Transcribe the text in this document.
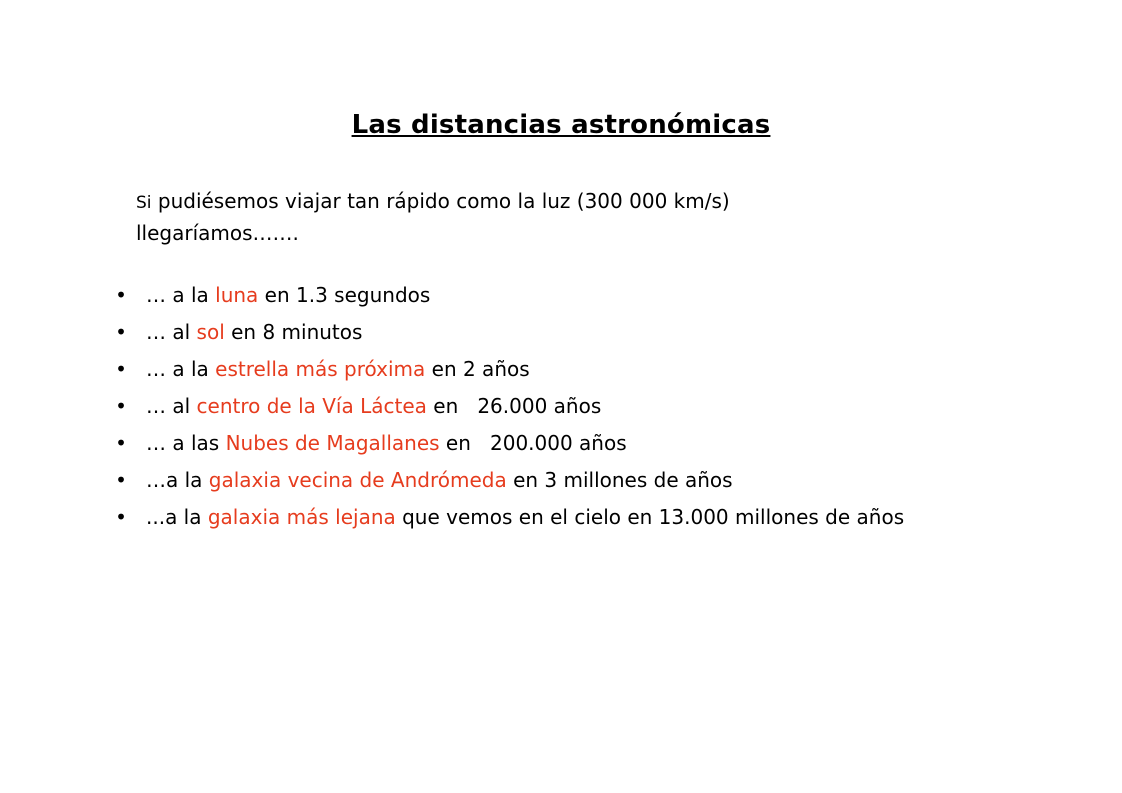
Las distancias astronómicas
Si pudiésemos viajar tan rápido como la luz (300 000 km/s)
llegaríamos…….
• … a la luna en 1.3 segundos
• … al sol en 8 minutos
• … a la estrella más próxima en 2 años
• … al centro de la Vía Láctea en   26.000 años
• … a las Nubes de Magallanes en   200.000 años
• …a la galaxia vecina de Andrómeda en 3 millones de años
• ...a la galaxia más lejana que vemos en el cielo en 13.000 millones de años
